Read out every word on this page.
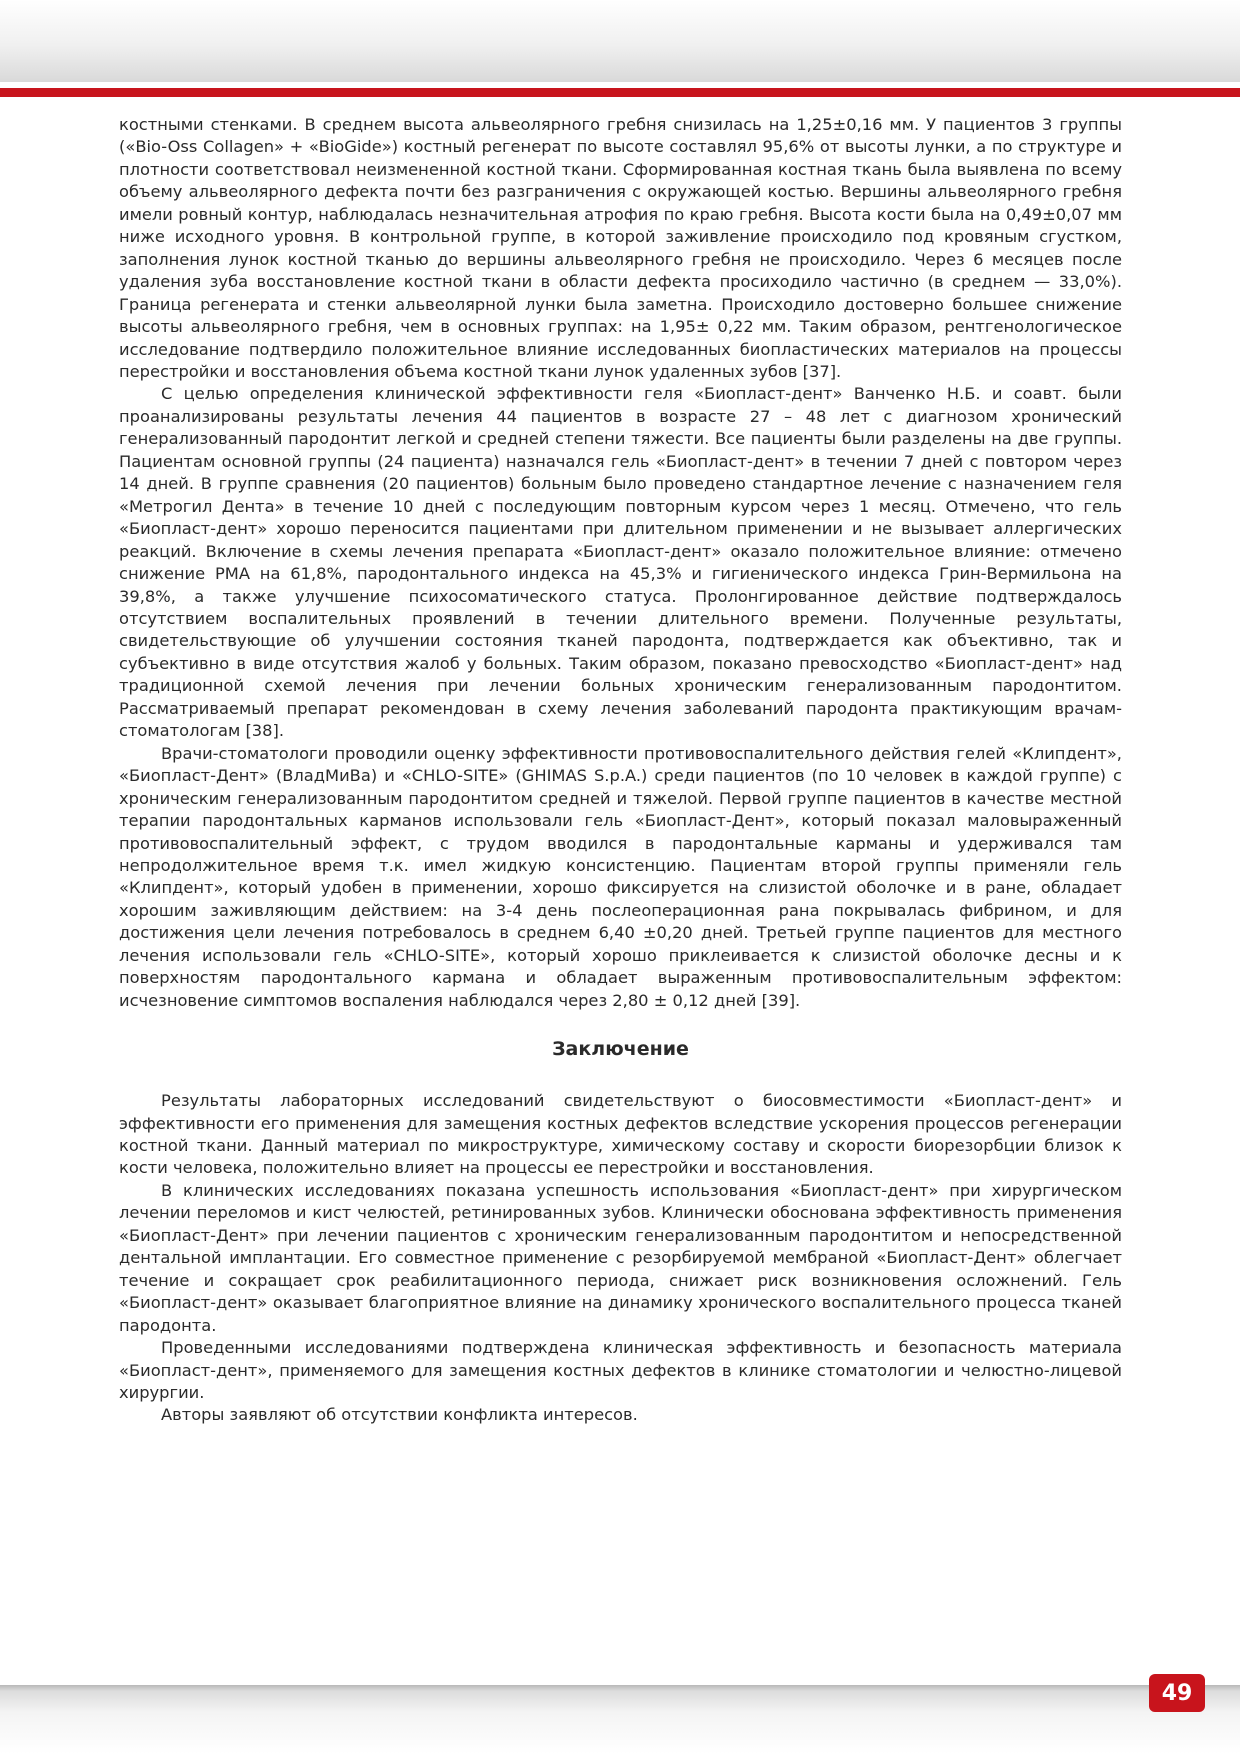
костными стенками. В среднем высота альвеолярного гребня снизилась на 1,25±0,16 мм. У пациентов 3 группы («Bio-Oss Collagen» + «BioGide») костный регенерат по высоте составлял 95,6% от высоты лунки, а по структуре и плотности соответствовал неизмененной костной ткани. Сформированная костная ткань была выявлена по всему объему альвеолярного дефекта почти без разграничения с окружающей костью. Вершины альвеолярного гребня имели ровный контур, наблюдалась незначительная атрофия по краю гребня. Высота кости была на 0,49±0,07 мм ниже исходного уровня. В контрольной группе, в которой заживление происходило под кровяным сгустком, заполнения лунок костной тканью до вершины альвеолярного гребня не происходило. Через 6 месяцев после удаления зуба восстановление костной ткани в области дефекта просиходило частично (в среднем — 33,0%). Граница регенерата и стенки альвеолярной лунки была заметна. Происходило достоверно большее снижение высоты альвеолярного гребня, чем в основных группах: на 1,95± 0,22 мм. Таким образом, рентгенологическое исследование подтвердило положительное влияние исследованных биопластических материалов на процессы перестройки и восстановления объема костной ткани лунок удаленных зубов [37].

С целью определения клинической эффективности геля «Биопласт-дент» Ванченко Н.Б. и соавт. были проанализированы результаты лечения 44 пациентов в возрасте 27 – 48 лет с диагнозом хронический генерализованный пародонтит легкой и средней степени тяжести. Все пациенты были разделены на две группы. Пациентам основной группы (24 пациента) назначался гель «Биопласт-дент» в течении 7 дней с повтором через 14 дней. В группе сравнения (20 пациентов) больным было проведено стандартное лечение с назначением геля «Метрогил Дента» в течение 10 дней с последующим повторным курсом через 1 месяц. Отмечено, что гель «Биопласт-дент» хорошо переносится пациентами при длительном применении и не вызывает аллергических реакций. Включение в схемы лечения препарата «Биопласт-дент» оказало положительное влияние: отмечено снижение PMA на 61,8%, пародонтального индекса на 45,3% и гигиенического индекса Грин-Вермильона на 39,8%, а также улучшение психосоматического статуса. Пролонгированное действие подтверждалось отсутствием воспалительных проявлений в течении длительного времени. Полученные результаты, свидетельствующие об улучшении состояния тканей пародонта, подтверждается как объективно, так и субъективно в виде отсутствия жалоб у больных. Таким образом, показано превосходство «Биопласт-дент» над традиционной схемой лечения при лечении больных хроническим генерализованным пародонтитом. Рассматриваемый препарат рекомендован в схему лечения заболеваний пародонта практикующим врачам-стоматологам [38].

Врачи-стоматологи проводили оценку эффективности противовоспалительного действия гелей «Клипдент», «Биопласт-Дент» (ВладМиВа) и «CHLO-SITE» (GHIMAS S.p.A.) среди пациентов (по 10 человек в каждой группе) с хроническим генерализованным пародонтитом средней и тяжелой. Первой группе пациентов в качестве местной терапии пародонтальных карманов использовали гель «Биопласт-Дент», который показал маловыраженный противовоспалительный эффект, с трудом вводился в пародонтальные карманы и удерживался там непродолжительное время т.к. имел жидкую консистенцию. Пациентам второй группы применяли гель «Клипдент», который удобен в применении, хорошо фиксируется на слизистой оболочке и в ране, обладает хорошим заживляющим действием: на 3-4 день послеоперационная рана покрывалась фибрином, и для достижения цели лечения потребовалось в среднем 6,40 ±0,20 дней. Третьей группе пациентов для местного лечения использовали гель «CHLO-SITE», который хорошо приклеивается к слизистой оболочке десны и к поверхностям пародонтального кармана и обладает выраженным противовоспалительным эффектом: исчезновение симптомов воспаления наблюдался через 2,80 ± 0,12 дней [39].

Заключение

Результаты лабораторных исследований свидетельствуют о биосовместимости «Биопласт-дент» и эффективности его применения для замещения костных дефектов вследствие ускорения процессов регенерации костной ткани. Данный материал по микроструктуре, химическому составу и скорости биорезорбции близок к кости человека, положительно влияет на процессы ее перестройки и восстановления.

В клинических исследованиях показана успешность использования «Биопласт-дент» при хирургическом лечении переломов и кист челюстей, ретинированных зубов. Клинически обоснована эффективность применения «Биопласт-Дент» при лечении пациентов с хроническим генерализованным пародонтитом и непосредственной дентальной имплантации. Его совместное применение с резорбируемой мембраной «Биопласт-Дент» облегчает течение и сокращает срок реабилитационного периода, снижает риск возникновения осложнений. Гель «Биопласт-дент» оказывает благоприятное влияние на динамику хронического воспалительного процесса тканей пародонта.

Проведенными исследованиями подтверждена клиническая эффективность и безопасность материала «Биопласт-дент», применяемого для замещения костных дефектов в клинике стоматологии и челюстно-лицевой хирургии.

Авторы заявляют об отсутствии конфликта интересов.

49
